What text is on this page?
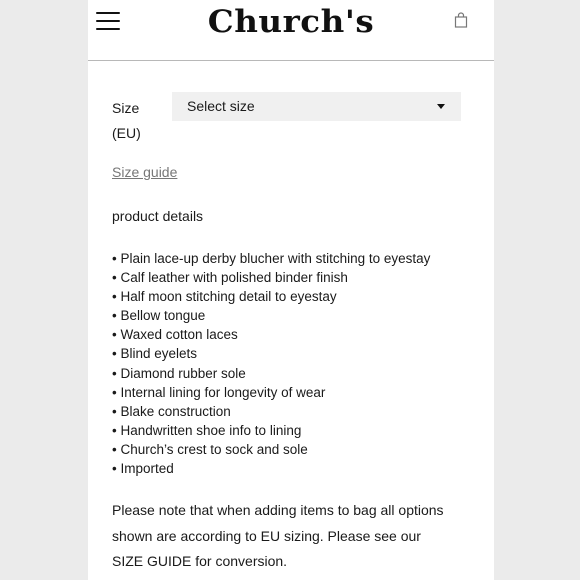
Church's
Size (EU)
Select size
Size guide
product details
• Plain lace-up derby blucher with stitching to eyestay
• Calf leather with polished binder finish
• Half moon stitching detail to eyestay
• Bellow tongue
• Waxed cotton laces
• Blind eyelets
• Diamond rubber sole
• Internal lining for longevity of wear
• Blake construction
• Handwritten shoe info to lining
• Church’s crest to sock and sole
• Imported
Please note that when adding items to bag all options shown are according to EU sizing. Please see our SIZE GUIDE for conversion.
